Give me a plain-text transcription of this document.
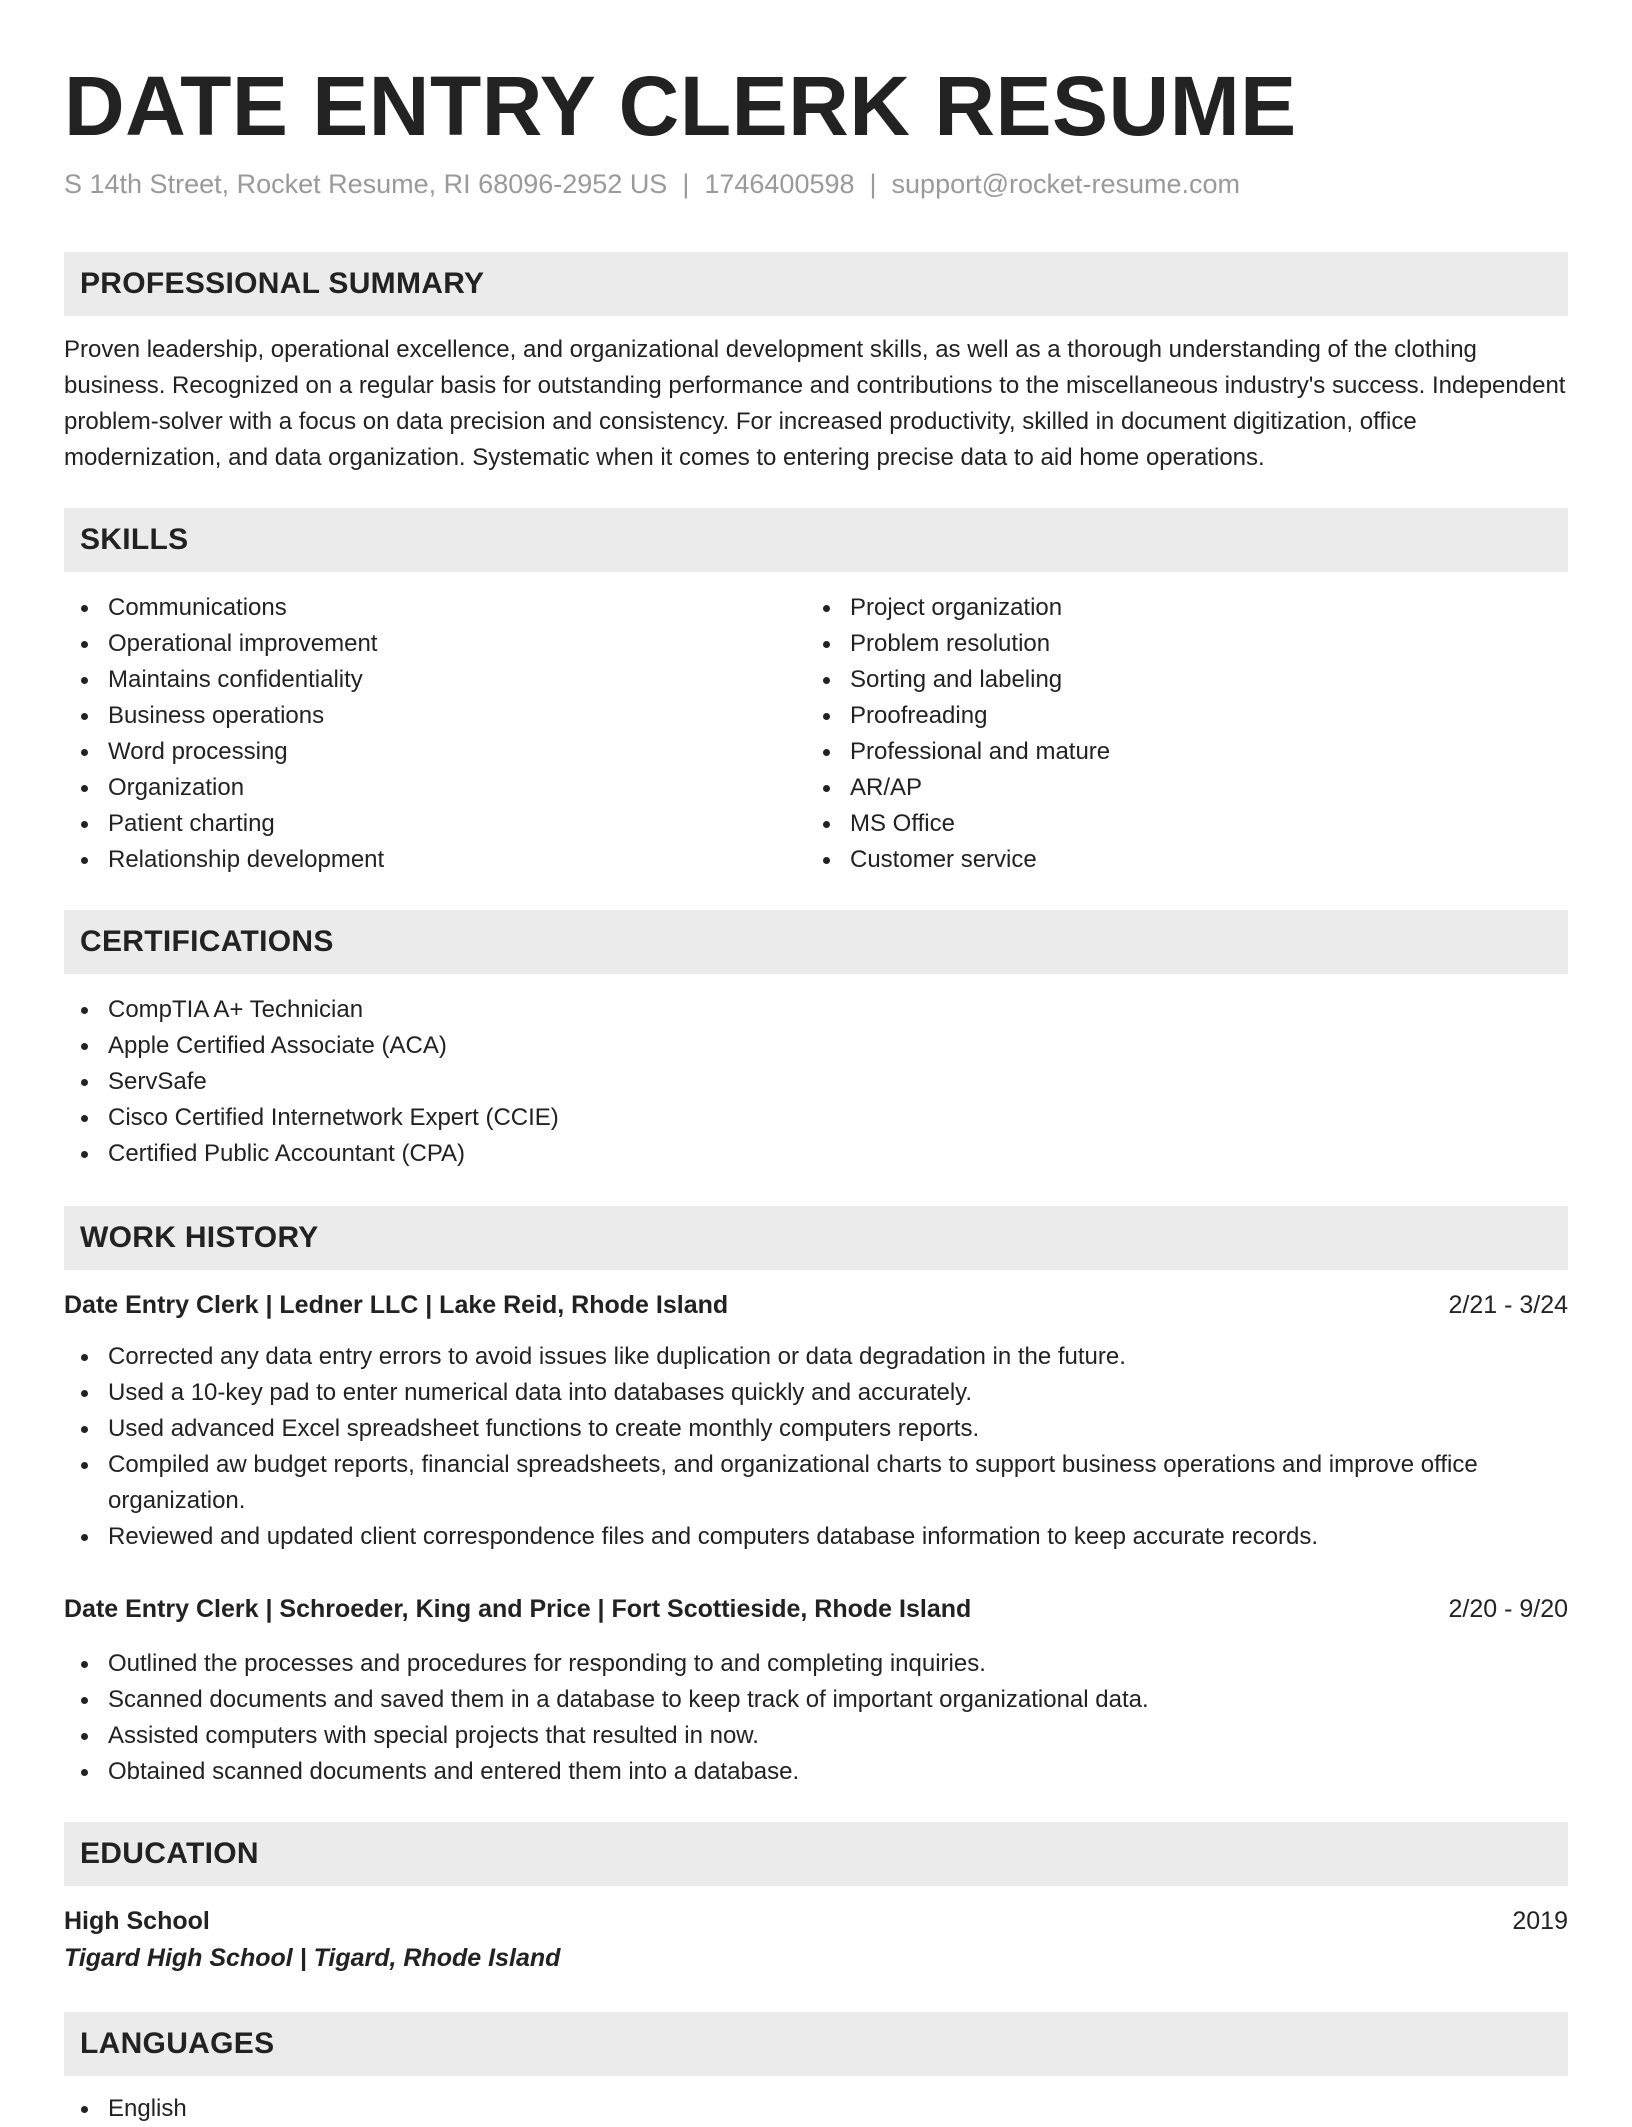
DATE ENTRY CLERK RESUME
S 14th Street, Rocket Resume, RI 68096-2952 US | 1746400598 | support@rocket-resume.com
PROFESSIONAL SUMMARY

Proven leadership, operational excellence, and organizational development skills, as well as a thorough understanding of the clothing business. Recognized on a regular basis for outstanding performance and contributions to the miscellaneous industry's success. Independent problem-solver with a focus on data precision and consistency. For increased productivity, skilled in document digitization, office modernization, and data organization. Systematic when it comes to entering precise data to aid home operations.

SKILLS
Communications
Operational improvement
Maintains confidentiality
Business operations
Word processing
Organization
Patient charting
Relationship development
Project organization
Problem resolution
Sorting and labeling
Proofreading
Professional and mature
AR/AP
MS Office
Customer service
CERTIFICATIONS
CompTIA A+ Technician
Apple Certified Associate (ACA)
ServSafe
Cisco Certified Internetwork Expert (CCIE)
Certified Public Accountant (CPA)
WORK HISTORY
Date Entry Clerk | Ledner LLC | Lake Reid, Rhode Island	2/21 - 3/24
Corrected any data entry errors to avoid issues like duplication or data degradation in the future.
Used a 10-key pad to enter numerical data into databases quickly and accurately.
Used advanced Excel spreadsheet functions to create monthly computers reports.
Compiled aw budget reports, financial spreadsheets, and organizational charts to support business operations and improve office organization.
Reviewed and updated client correspondence files and computers database information to keep accurate records.
Date Entry Clerk | Schroeder, King and Price | Fort Scottieside, Rhode Island	2/20 - 9/20
Outlined the processes and procedures for responding to and completing inquiries.
Scanned documents and saved them in a database to keep track of important organizational data.
Assisted computers with special projects that resulted in now.
Obtained scanned documents and entered them into a database.
EDUCATION
High School	2019
Tigard High School | Tigard, Rhode Island
LANGUAGES
English
